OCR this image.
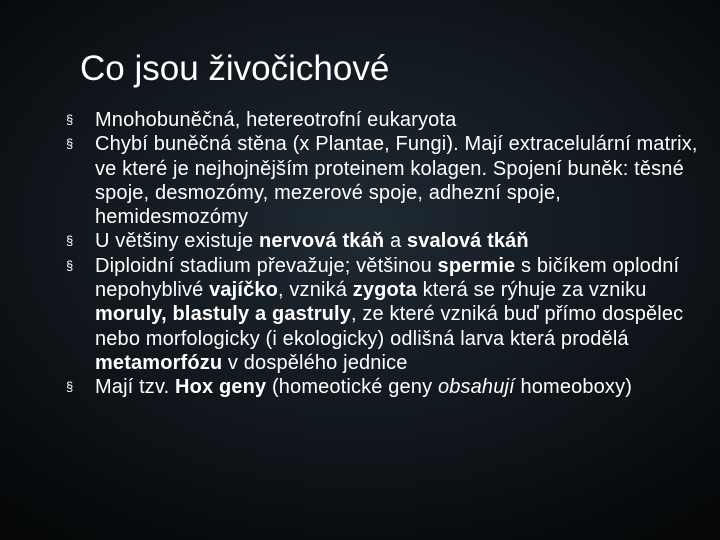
Co jsou živočichové
§
Mnohobuněčná, hetereotrofní eukaryota
§
Chybí buněčná stěna (x Plantae, Fungi). Mají extracelulární matrix, ve které je nejhojnějším proteinem kolagen. Spojení buněk: těsné spoje, desmozómy, mezerové spoje, adhezní spoje, hemidesmozómy
§
U většiny existuje nervová tkáň a svalová tkáň
§
Diploidní stadium převažuje; většinou spermie s bičíkem oplodní nepohyblivé vajíčko, vzniká zygota která se rýhuje za vzniku moruly, blastuly a gastruly, ze které vzniká buď přímo dospělec nebo morfologicky (i ekologicky) odlišná larva která prodělá metamorfózu v dospělého jednice
§
Mají tzv. Hox geny (homeotické geny obsahují homeoboxy)
